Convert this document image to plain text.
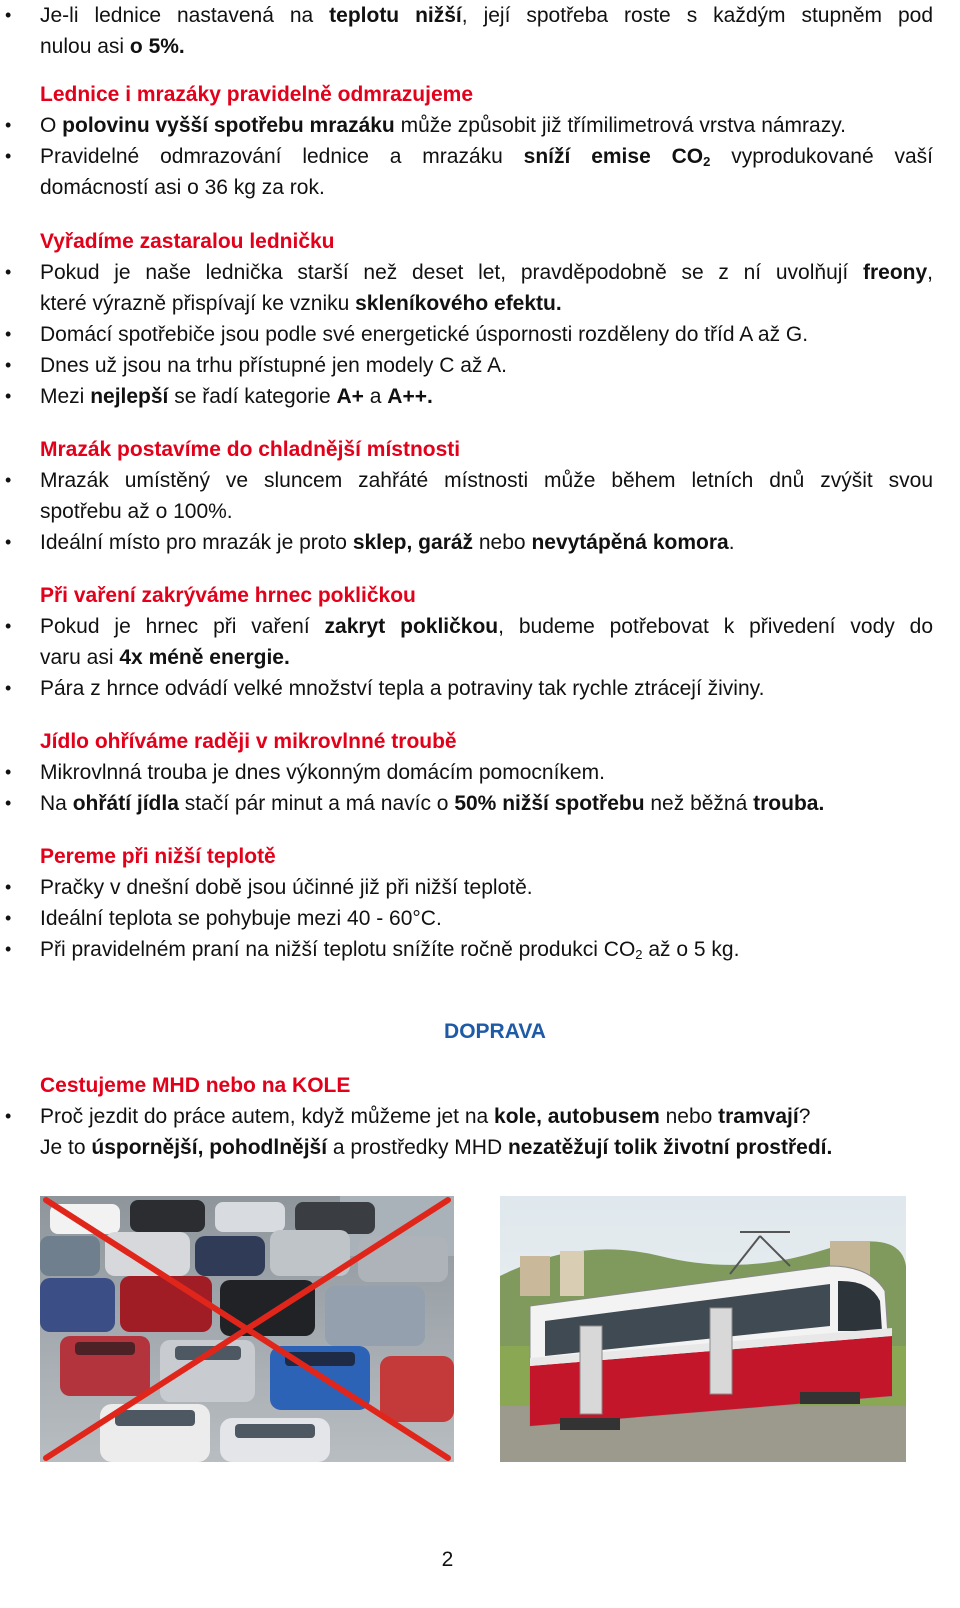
• Je-li lednice nastavená na teplotu nižší, její spotřeba roste s každým stupněm pod
nulou asi o 5%.
Lednice i mrazáky pravidelně odmrazujeme
• O polovinu vyšší spotřebu mrazáku může způsobit již třímilimetrová vrstva námrazy.
• Pravidelné odmrazování lednice a mrazáku sníží emise $CO_2$ vyprodukované vaší
domácností asi o 36 kg za rok.
Vyřadíme zastaralou ledničku
• Pokud je naše lednička starší než deset let, pravděpodobně se z ní uvolňují freony,
které výrazně přispívají ke vzniku skleníkového efektu.
• Domácí spotřebiče jsou podle své energetické úspornosti rozděleny do tříd A až G.
• Dnes už jsou na trhu přístupné jen modely C až A.
• Mezi nejlepší se řadí kategorie A+ a A++.
Mrazák postavíme do chladnější místnosti
• Mrazák umístěný ve sluncem zahřáté místnosti může během letních dnů zvýšit svou
spotřebu až o 100%.
• Ideální místo pro mrazák je proto sklep, garáž nebo nevytápěná komora.
Při vaření zakrýváme hrnec pokličkou
• Pokud je hrnec při vaření zakryt pokličkou, budeme potřebovat k přivedení vody do
varu asi 4x méně energie.
• Pára z hrnce odvádí velké množství tepla a potraviny tak rychle ztrácejí živiny.
Jídlo ohříváme raději v mikrovlnné troubě
• Mikrovlnná trouba je dnes výkonným domácím pomocníkem.
• Na ohřátí jídla stačí pár minut a má navíc o 50% nižší spotřebu než běžná trouba.
Pereme při nižší teplotě
• Pračky v dnešní době jsou účinné již při nižší teplotě.
• Ideální teplota se pohybuje mezi 40 - 60°C.
• Při pravidelném praní na nižší teplotu snížíte ročně produkci $CO_2$ až o 5 kg.
DOPRAVA
Cestujeme MHD nebo na KOLE
• Proč jezdit do práce autem, když můžeme jet na kole, autobusem nebo tramvají?
Je to úspornější, pohodlnější a prostředky MHD nezatěžují tolik životní prostředí.
2
